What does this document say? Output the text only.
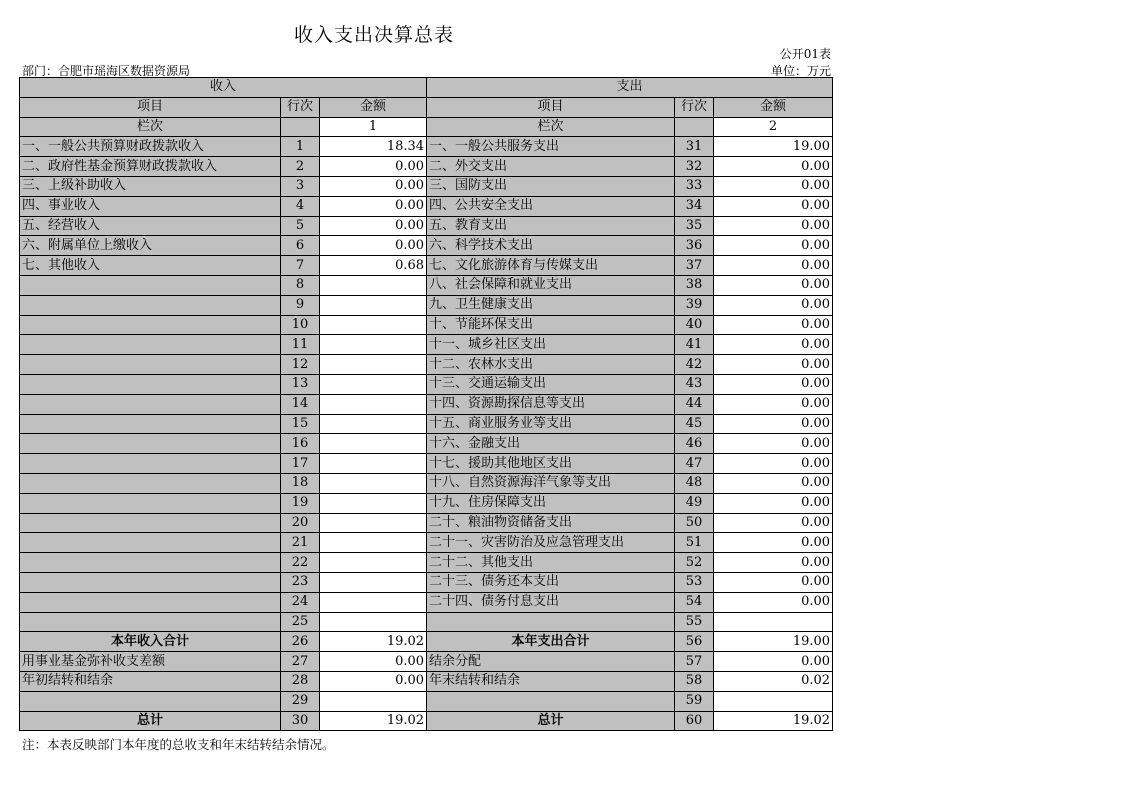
收入支出决算总表
公开01表
部门：合肥市瑶海区数据资源局	单位：万元
收入			支出		
项目	行次	金额	项目	行次	金额
栏次		1	栏次		2
一、一般公共预算财政拨款收入	1	18.34	一、一般公共服务支出	31	19.00
二、政府性基金预算财政拨款收入	2	0.00	二、外交支出	32	0.00
三、上级补助收入	3	0.00	三、国防支出	33	0.00
四、事业收入	4	0.00	四、公共安全支出	34	0.00
五、经营收入	5	0.00	五、教育支出	35	0.00
六、附属单位上缴收入	6	0.00	六、科学技术支出	36	0.00
七、其他收入	7	0.68	七、文化旅游体育与传媒支出	37	0.00
	8		八、社会保障和就业支出	38	0.00
	9		九、卫生健康支出	39	0.00
	10		十、节能环保支出	40	0.00
	11		十一、城乡社区支出	41	0.00
	12		十二、农林水支出	42	0.00
	13		十三、交通运输支出	43	0.00
	14		十四、资源勘探信息等支出	44	0.00
	15		十五、商业服务业等支出	45	0.00
	16		十六、金融支出	46	0.00
	17		十七、援助其他地区支出	47	0.00
	18		十八、自然资源海洋气象等支出	48	0.00
	19		十九、住房保障支出	49	0.00
	20		二十、粮油物资储备支出	50	0.00
	21		二十一、灾害防治及应急管理支出	51	0.00
	22		二十二、其他支出	52	0.00
	23		二十三、债务还本支出	53	0.00
	24		二十四、债务付息支出	54	0.00
	25			55	
本年收入合计	26	19.02	本年支出合计	56	19.00
用事业基金弥补收支差额	27	0.00	结余分配	57	0.00
年初结转和结余	28	0.00	年末结转和结余	58	0.02
	29			59	
总计	30	19.02	总计	60	19.02
注：本表反映部门本年度的总收支和年末结转结余情况。
